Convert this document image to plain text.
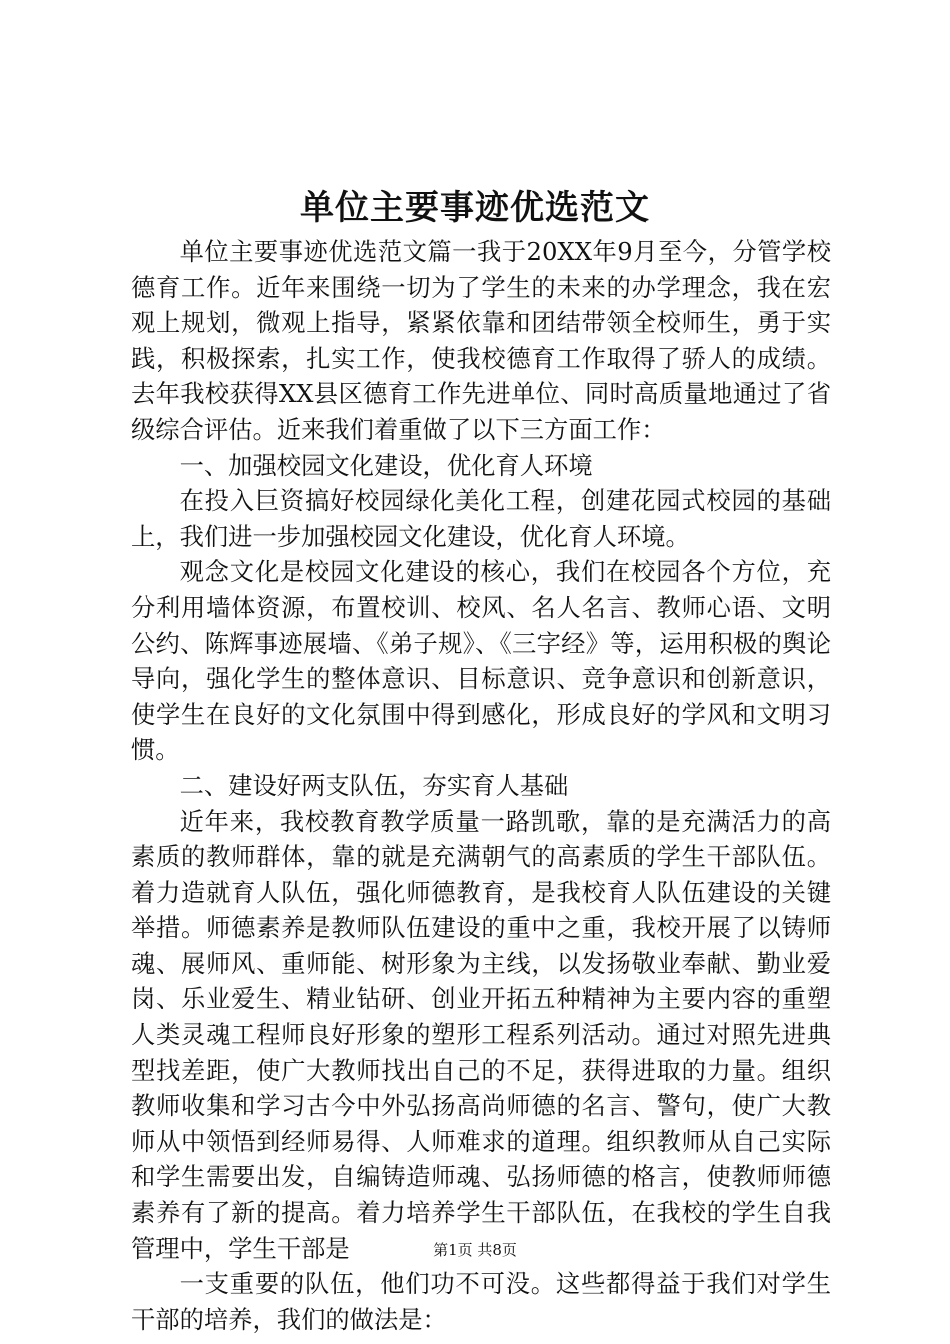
单位主要事迹优选范文

单位主要事迹优选范文篇一我于20XX年9月至今，分管学校德育工作。近年来围绕一切为了学生的未来的办学理念，我在宏观上规划，微观上指导，紧紧依靠和团结带领全校师生，勇于实践，积极探索，扎实工作，使我校德育工作取得了骄人的成绩。去年我校获得XX县区德育工作先进单位、同时高质量地通过了省级综合评估。近来我们着重做了以下三方面工作：

一、加强校园文化建设，优化育人环境

在投入巨资搞好校园绿化美化工程，创建花园式校园的基础上，我们进一步加强校园文化建设，优化育人环境。

观念文化是校园文化建设的核心，我们在校园各个方位，充分利用墙体资源，布置校训、校风、名人名言、教师心语、文明公约、陈辉事迹展墙、《弟子规》、《三字经》等，运用积极的舆论导向，强化学生的整体意识、目标意识、竞争意识和创新意识，使学生在良好的文化氛围中得到感化，形成良好的学风和文明习惯。

二、建设好两支队伍，夯实育人基础

近年来，我校教育教学质量一路凯歌，靠的是充满活力的高素质的教师群体，靠的就是充满朝气的高素质的学生干部队伍。着力造就育人队伍，强化师德教育，是我校育人队伍建设的关键举措。师德素养是教师队伍建设的重中之重，我校开展了以铸师魂、展师风、重师能、树形象为主线，以发扬敬业奉献、勤业爱岗、乐业爱生、精业钻研、创业开拓五种精神为主要内容的重塑人类灵魂工程师良好形象的塑形工程系列活动。通过对照先进典型找差距，使广大教师找出自己的不足，获得进取的力量。组织教师收集和学习古今中外弘扬高尚师德的名言、警句，使广大教师从中领悟到经师易得、人师难求的道理。组织教师从自己实际和学生需要出发，自编铸造师魂、弘扬师德的格言，使教师师德素养有了新的提高。着力培养学生干部队伍，在我校的学生自我管理中，学生干部是

一支重要的队伍，他们功不可没。这些都得益于我们对学生干部的培养，我们的做法是：

第1页 共8页
